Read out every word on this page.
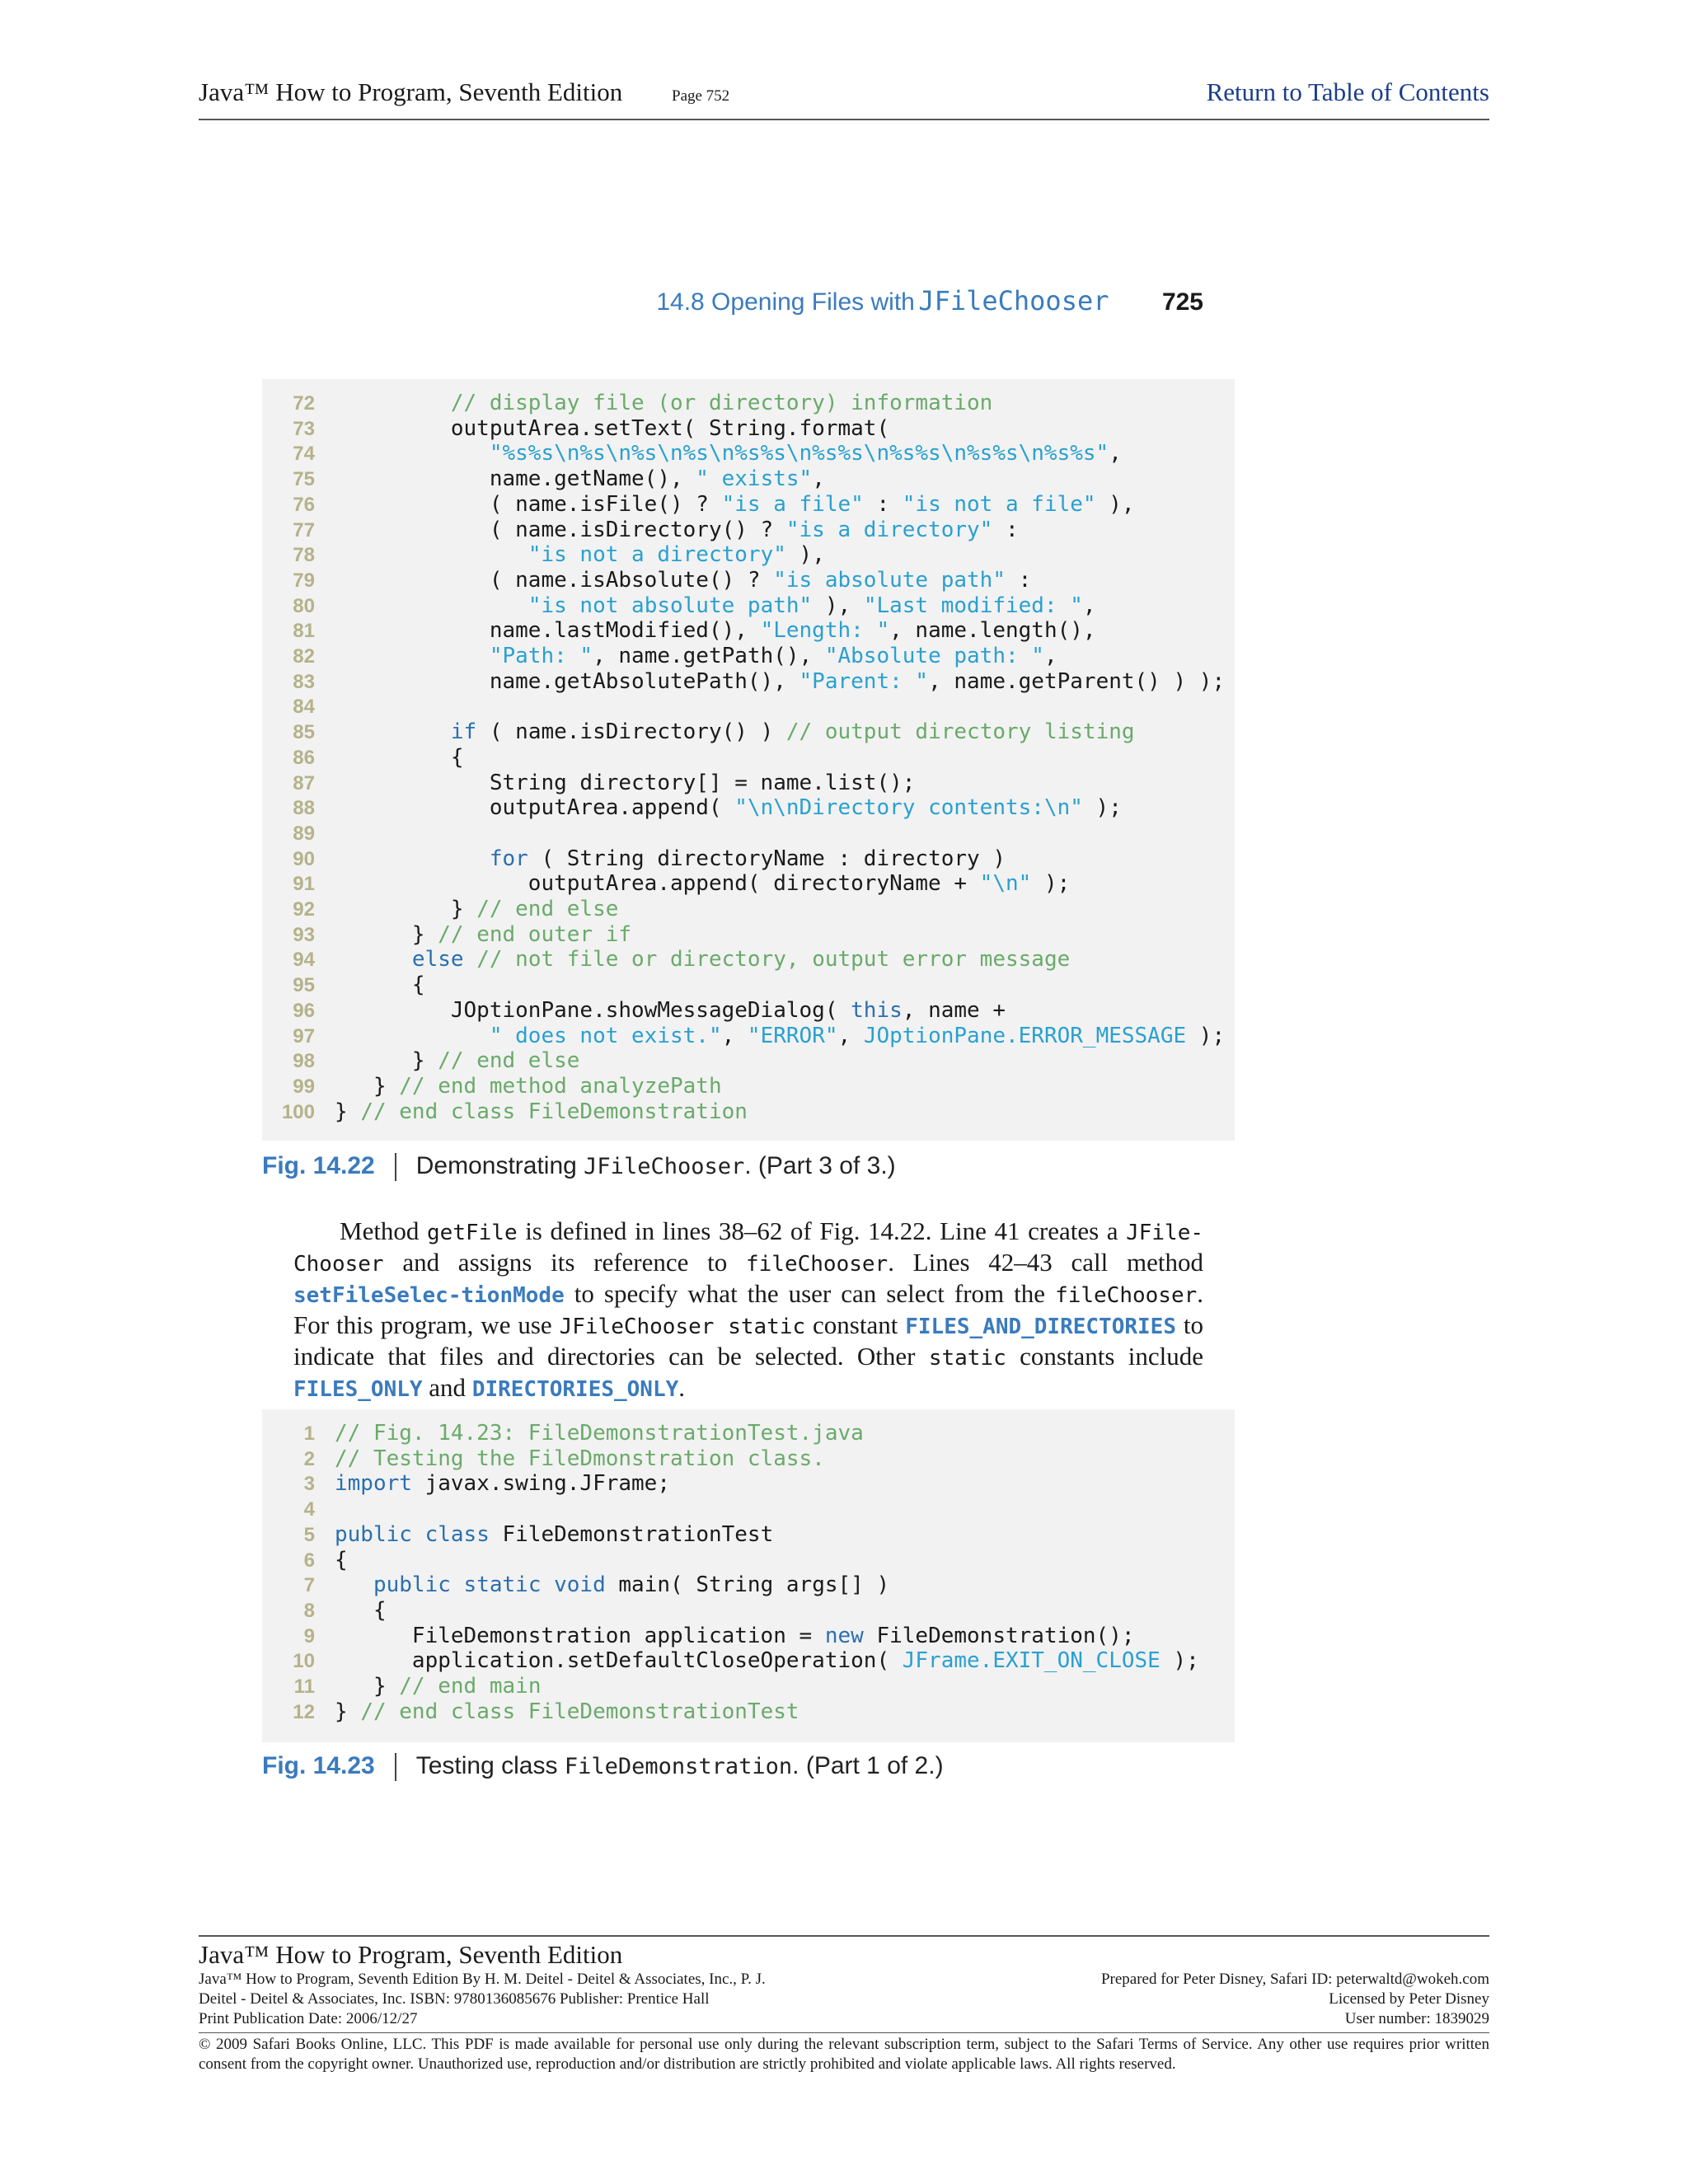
Java™ How to Program, Seventh Edition	Page 752	Return to Table of Contents
14.8 Opening Files with JFileChooser 725
72	// display file (or directory) information
73         outputArea.setText( String.format(
74	"%s%s\n%s\n%s\n%s\n%s%s\n%s%s\n%s%s\n%s%s\n%s%s",
75            name.getName(), " exists",
76            ( name.isFile() ? "is a file" : "is not a file" ),
77            ( name.isDirectory() ? "is a directory" :
78	"is not a directory" ),
79            ( name.isAbsolute() ? "is absolute path" :
80	"is not absolute path" ), "Last modified: ",
81            name.lastModified(), "Length: ", name.length(),
82	"Path: ", name.getPath(), "Absolute path: ",
83            name.getAbsolutePath(), "Parent: ", name.getParent() ) );
84
85	if ( name.isDirectory() ) // output directory listing
86         {
87            String directory[] = name.list();
88            outputArea.append( "\n\nDirectory contents:\n" );
89
90	for ( String directoryName : directory )
91               outputArea.append( directoryName + "\n" );
92         } // end else
93      } // end outer if
94	else // not file or directory, output error message
95      {
96         JOptionPane.showMessageDialog( this, name +
97	" does not exist.", "ERROR", JOptionPane.ERROR_MESSAGE );
98      } // end else
99   } // end method analyzePath
100 } // end class FileDemonstration
Fig. 14.22 Demonstrating JFileChooser. (Part 3 of 3.)
Method getFile is defined in lines 38–62 of Fig. 14.22. Line 41 creates a JFile-Chooser and assigns its reference to fileChooser. Lines 42–43 call method setFileSelec-tionMode to specify what the user can select from the fileChooser. For this program, we use JFileChooser static constant FILES_AND_DIRECTORIES to indicate that files and directories can be selected. Other static constants include FILES_ONLY and DIRECTORIES_ONLY.
1 // Fig. 14.23: FileDemonstrationTest.java
2 // Testing the FileDmonstration class.
3 import javax.swing.JFrame;
4
5 public class FileDemonstrationTest
6 {
7	public static void main( String args[] )
8   {
9      FileDemonstration application = new FileDemonstration();
10      application.setDefaultCloseOperation( JFrame.EXIT_ON_CLOSE );
11   } // end main
12 } // end class FileDemonstrationTest
Fig. 14.23 Testing class FileDemonstration. (Part 1 of 2.)
Java™ How to Program, Seventh Edition
Java™ How to Program, Seventh Edition By H. M. Deitel - Deitel & Associates, Inc., P. J.	Prepared for Peter Disney, Safari ID: peterwaltd@wokeh.com
Deitel - Deitel & Associates, Inc. ISBN: 9780136085676 Publisher: Prentice Hall	Licensed by Peter Disney
Print Publication Date: 2006/12/27	User number: 1839029
© 2009 Safari Books Online, LLC. This PDF is made available for personal use only during the relevant subscription term, subject to the Safari Terms of Service. Any other use requires prior written consent from the copyright owner. Unauthorized use, reproduction and/or distribution are strictly prohibited and violate applicable laws. All rights reserved.
